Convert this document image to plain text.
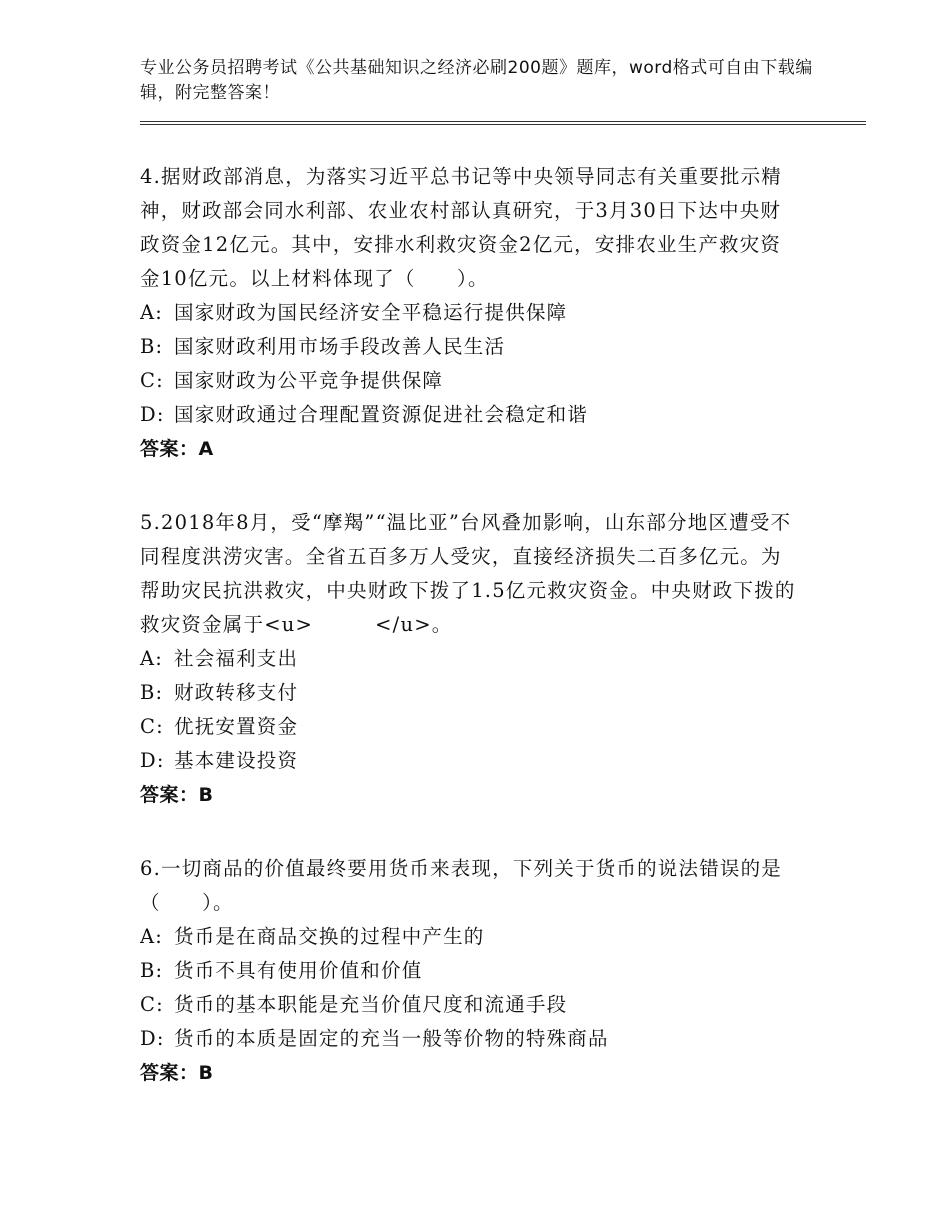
专业公务员招聘考试《公共基础知识之经济必刷200题》题库，word格式可自由下载编辑，附完整答案！

4.据财政部消息，为落实习近平总书记等中央领导同志有关重要批示精神，财政部会同水利部、农业农村部认真研究，于3月30日下达中央财政资金12亿元。其中，安排水利救灾资金2亿元，安排农业生产救灾资金10亿元。以上材料体现了（　　）。

A: 国家财政为国民经济安全平稳运行提供保障
B: 国家财政利用市场手段改善人民生活
C: 国家财政为公平竞争提供保障
D: 国家财政通过合理配置资源促进社会稳定和谐
答案：A

5.2018年8月，受“摩羯”“温比亚”台风叠加影响，山东部分地区遭受不同程度洪涝灾害。全省五百多万人受灾，直接经济损失二百多亿元。为帮助灾民抗洪救灾，中央财政下拨了1.5亿元救灾资金。中央财政下拨的救灾资金属于<u>　　　</u>。

A: 社会福利支出
B: 财政转移支付
C: 优抚安置资金
D: 基本建设投资
答案：B

6.一切商品的价值最终要用货币来表现，下列关于货币的说法错误的是（　　）。

A: 货币是在商品交换的过程中产生的
B: 货币不具有使用价值和价值
C: 货币的基本职能是充当价值尺度和流通手段
D: 货币的本质是固定的充当一般等价物的特殊商品
答案：B
